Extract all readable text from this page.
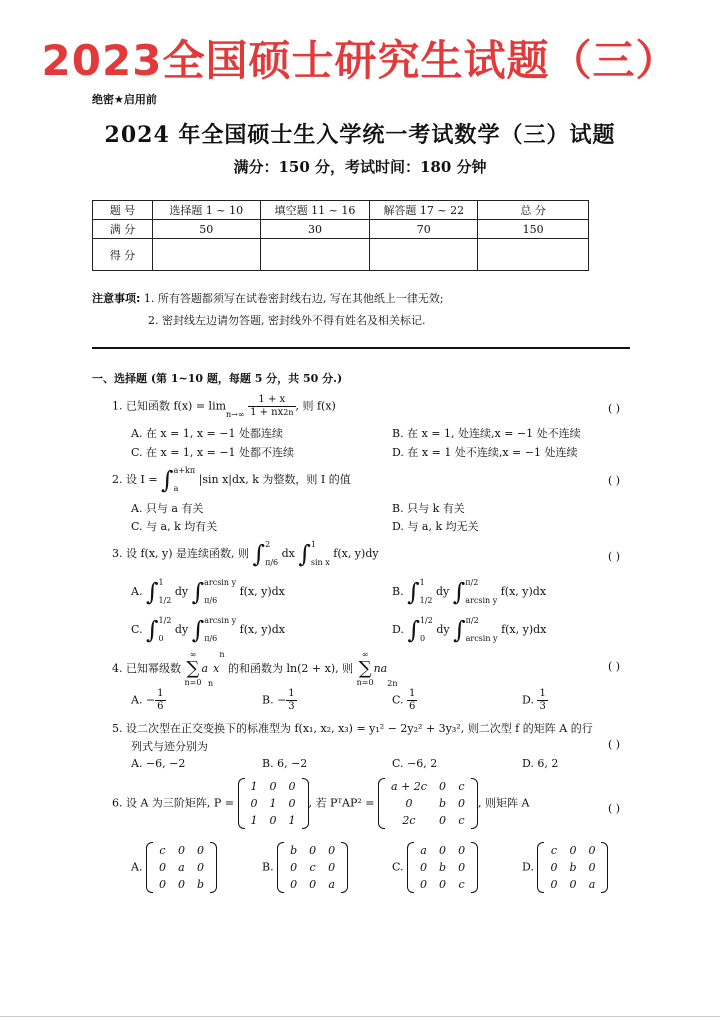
2023全国硕士研究生试题（三）
绝密★启用前
2024 年全国硕士生入学统一考试数学（三）试题
满分：150 分，考试时间：180 分钟
题 号	选择题 1 ~ 10	填空题 11 ~ 16	解答题 17 ~ 22	总 分
满 分	50	30	70	150
得 分				
注意事项: 1. 所有答题都须写在试卷密封线右边, 写在其他纸上一律无效;
2. 密封线左边请勿答题, 密封线外不得有姓名及相关标记.
一、选择题 (第 1~10 题，每题 5 分，共 50 分.)
1. 已知函数 $f(x) = \lim n\to\infty \frac{1 + x}{1 + nx^{2n}}$ , 则 f(x)	( )
A. 在 x = 1, x = −1 处都连续	B. 在 x = 1, 处连续,x = −1 处不连续
C. 在 x = 1, x = −1 处都不连续	D. 在 x = 1 处不连续,x = −1 处连续
2. 设 I = ∫ a+kπ
a
|sin x|dx, k 为整数，则 I 的值	( )
A. 只与 a 有关	B. 只与 k 有关
C. 与 a, k 均有关	D. 与 a, k 均无关
3. 设 f(x, y) 是连续函数, 则 ∫ 2
π/6
dx ∫ 1
sin x
f(x, y)dy	( )
A. ∫ 1
1/2
dy ∫ arcsin y
π/6
f(x, y)dx	B. ∫ 1
1/2
dy ∫ π/2
arcsin y
f(x, y)dx
C. ∫ 1/2
0
dy ∫ arcsin y
π/6
f(x, y)dx	D. ∫ 1/2
0
dy ∫ π/2
arcsin y
f(x, y)dx
4. 已知幂级数
∞
∑
n=0
anx$^n$ 的和函数为 ln(2 + x), 则
∞
∑
n=0
na2n
( )
A. − $\frac{1}{6}$	B. − $\frac{1}{3}$	C. $\frac{1}{6}$	D. $\frac{1}{3}$
5. 设二次型在正交变换下的标准型为 f(x₁, x₂, x₃) = y₁² − 2y₂² + 3y₃², 则二次型 f 的矩阵 A 的行
列式与迹分别为	( )
A. −6, −2	B. 6, −2	C. −6, 2	D. 6, 2
6. 设 A 为三阶矩阵, P =
1	0	0
0	1	0
1	0	1
, 若 PᵀAP² =
a + 2c	0	c
0	b	0
2c	0	c
, 则矩阵 A	( )
A.
c	0	0
0	a	0
0	0	b
B.
b	0	0
0	c	0
0	0	a
C.
a	0	0
0	b	0
0	0	c
D.
c	0	0
0	b	0
0	0	a
